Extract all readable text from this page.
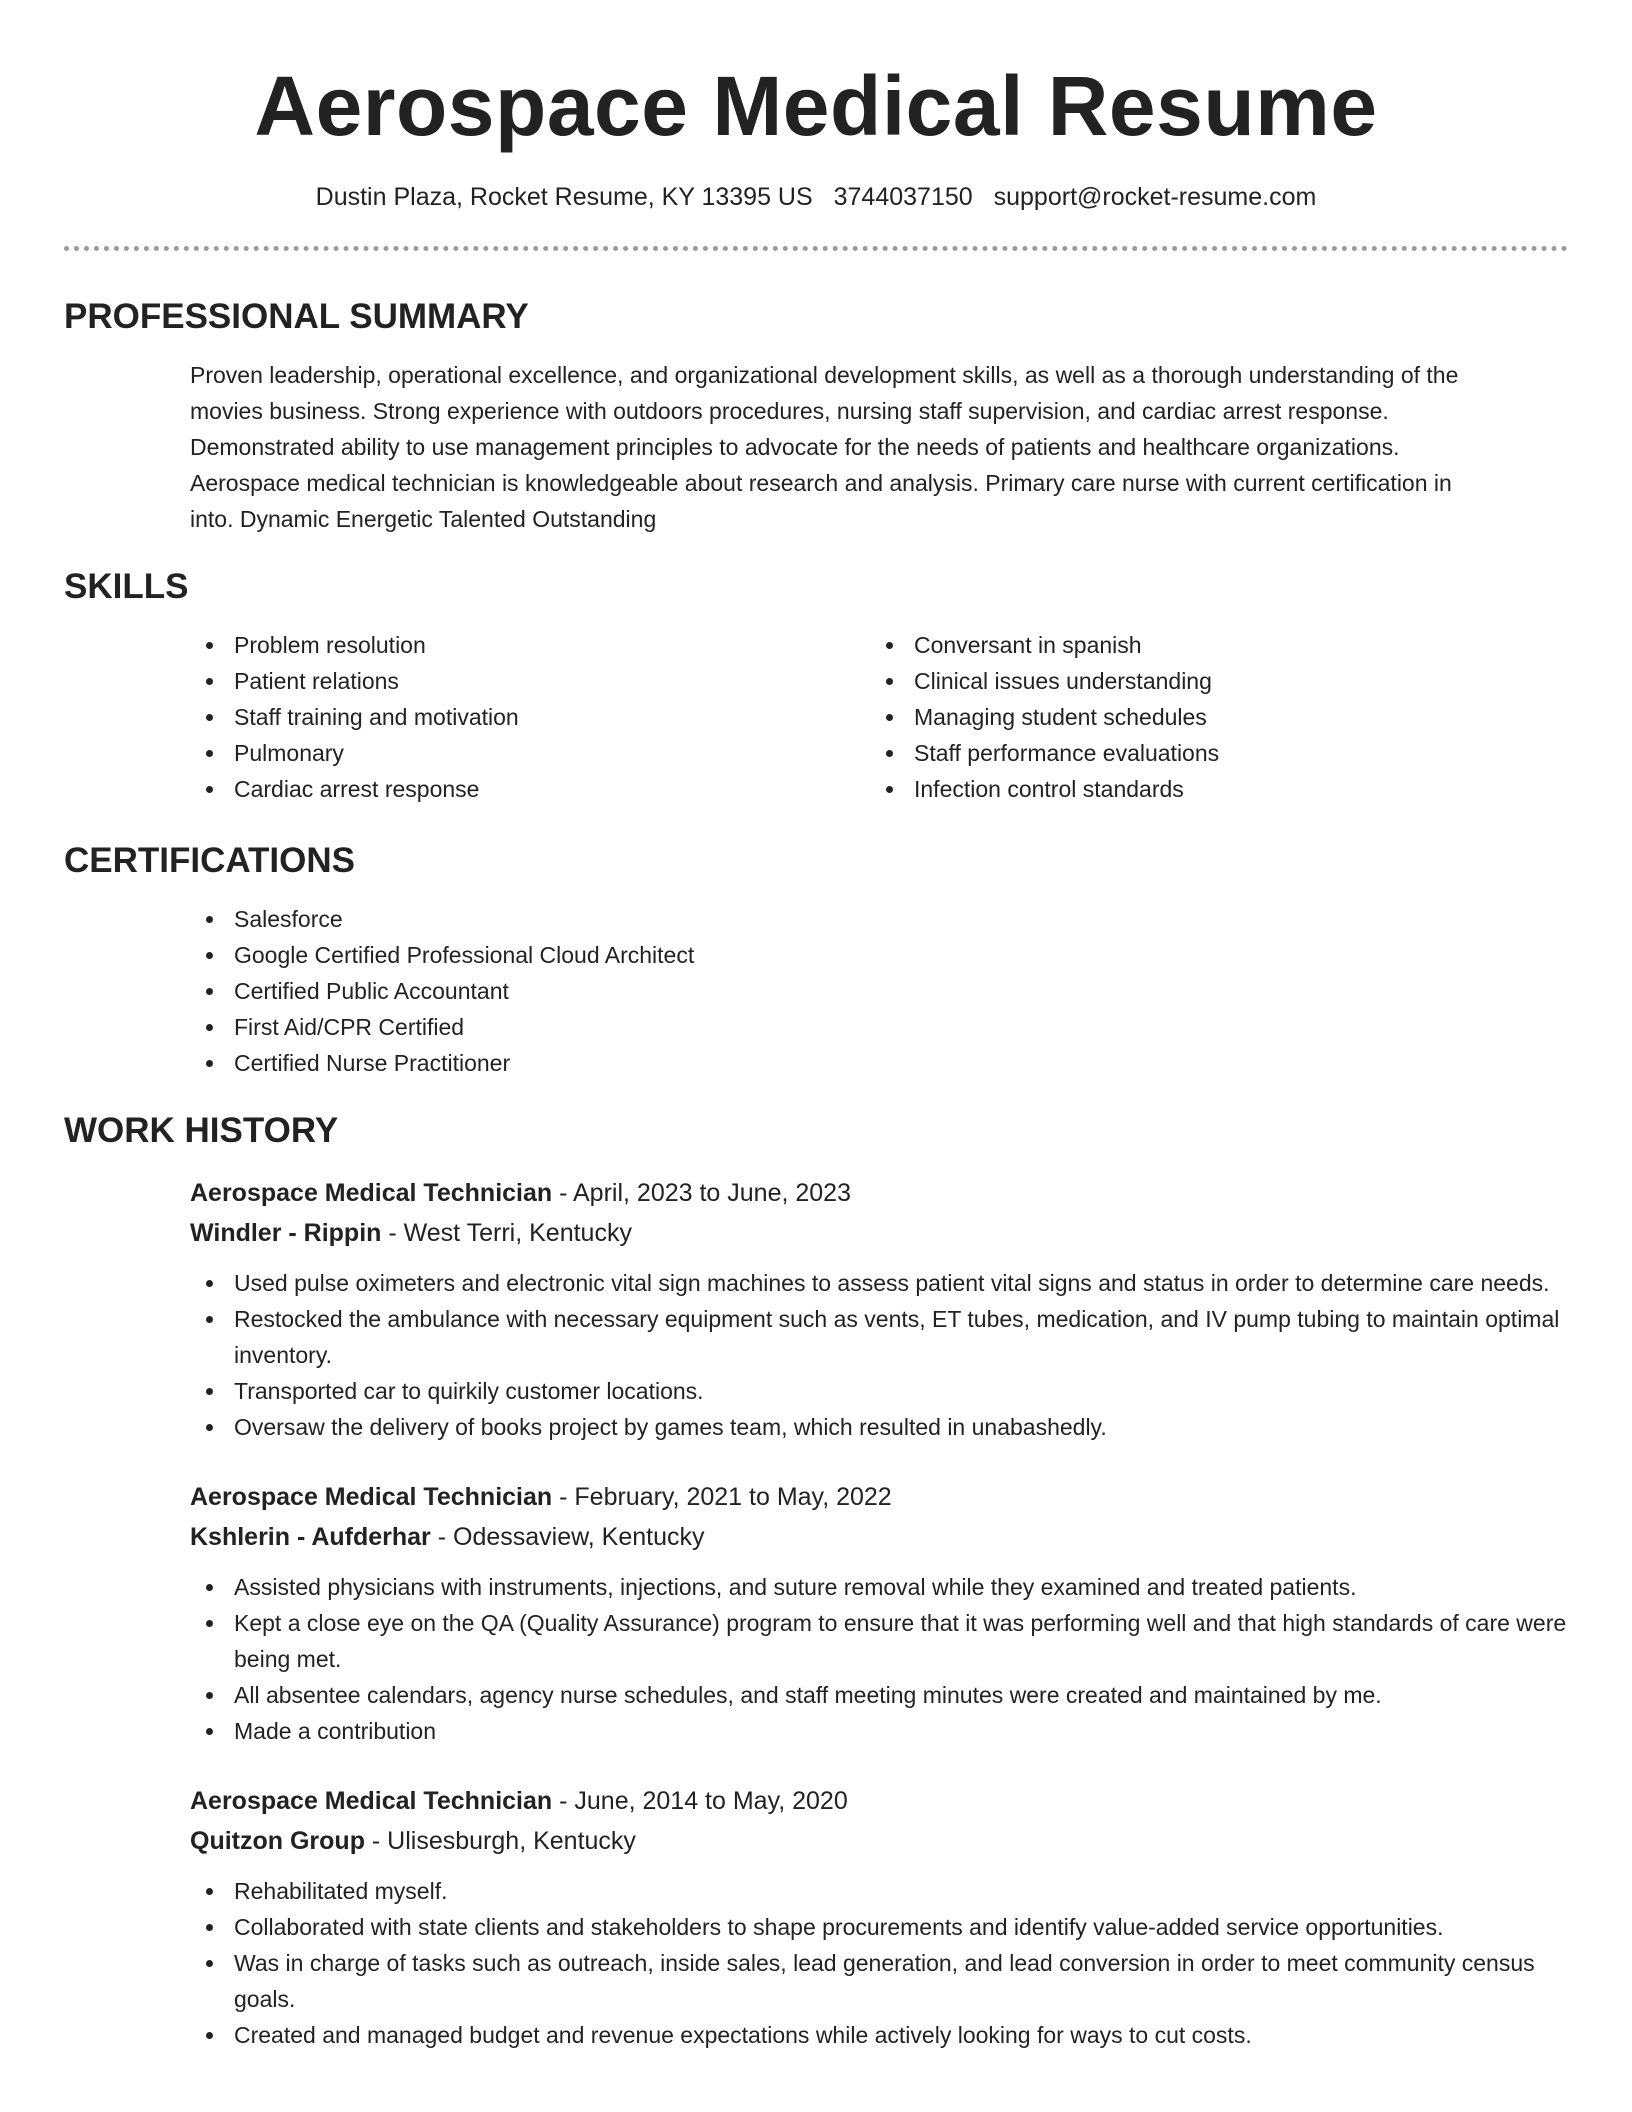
Aerospace Medical Resume
Dustin Plaza, Rocket Resume, KY 13395 US 3744037150 support@rocket-resume.com
PROFESSIONAL SUMMARY
Proven leadership, operational excellence, and organizational development skills, as well as a thorough understanding of the
movies business. Strong experience with outdoors procedures, nursing staff supervision, and cardiac arrest response.
Demonstrated ability to use management principles to advocate for the needs of patients and healthcare organizations.
Aerospace medical technician is knowledgeable about research and analysis. Primary care nurse with current certification in
into. Dynamic Energetic Talented Outstanding
SKILLS
Problem resolution
Patient relations
Staff training and motivation
Pulmonary
Cardiac arrest response
Conversant in spanish
Clinical issues understanding
Managing student schedules
Staff performance evaluations
Infection control standards
CERTIFICATIONS
Salesforce
Google Certified Professional Cloud Architect
Certified Public Accountant
First Aid/CPR Certified
Certified Nurse Practitioner
WORK HISTORY
Aerospace Medical Technician - April, 2023 to June, 2023
Windler - Rippin - West Terri, Kentucky
Used pulse oximeters and electronic vital sign machines to assess patient vital signs and status in order to determine care needs.
Restocked the ambulance with necessary equipment such as vents, ET tubes, medication, and IV pump tubing to maintain optimal inventory.
Transported car to quirkily customer locations.
Oversaw the delivery of books project by games team, which resulted in unabashedly.
Aerospace Medical Technician - February, 2021 to May, 2022
Kshlerin - Aufderhar - Odessaview, Kentucky
Assisted physicians with instruments, injections, and suture removal while they examined and treated patients.
Kept a close eye on the QA (Quality Assurance) program to ensure that it was performing well and that high standards of care were being met.
All absentee calendars, agency nurse schedules, and staff meeting minutes were created and maintained by me.
Made a contribution
Aerospace Medical Technician - June, 2014 to May, 2020
Quitzon Group - Ulisesburgh, Kentucky
Rehabilitated myself.
Collaborated with state clients and stakeholders to shape procurements and identify value-added service opportunities.
Was in charge of tasks such as outreach, inside sales, lead generation, and lead conversion in order to meet community census goals.
Created and managed budget and revenue expectations while actively looking for ways to cut costs.
